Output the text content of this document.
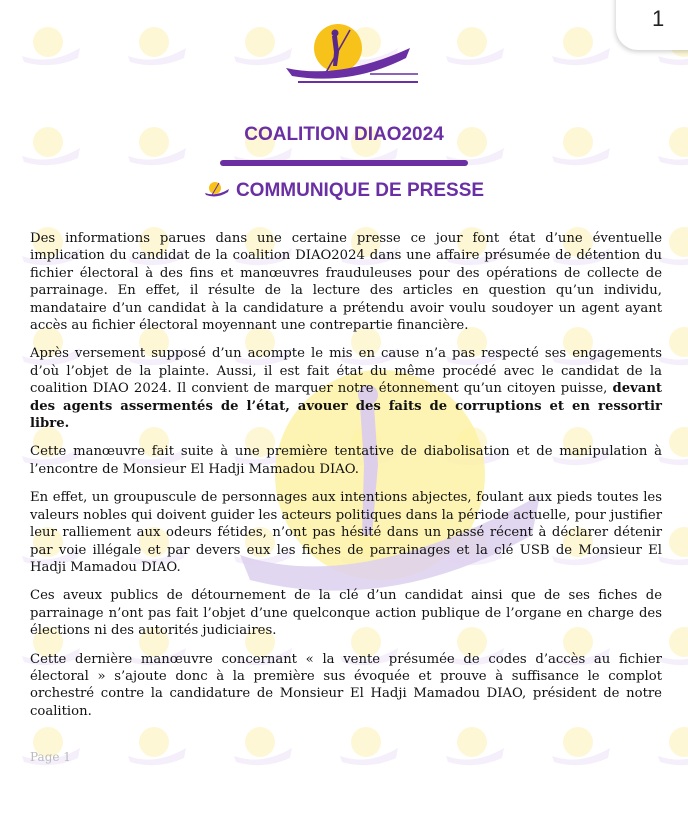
1
COALITION DIAO2024
COMMUNIQUE DE PRESSE

Des informations parues dans une certaine presse ce jour font état d’une éventuelle implication du candidat de la coalition DIAO2024 dans une affaire présumée de détention du fichier électoral à des fins et manœuvres frauduleuses pour des opérations de collecte de parrainage. En effet, il résulte de la lecture des articles en question qu’un individu, mandataire d’un candidat à la candidature a prétendu avoir voulu soudoyer un agent ayant accès au fichier électoral moyennant une contrepartie financière.

Après versement supposé d’un acompte le mis en cause n’a pas respecté ses engagements d’où l’objet de la plainte. Aussi, il est fait état du même procédé avec le candidat de la coalition DIAO 2024. Il convient de marquer notre étonnement qu’un citoyen puisse, devant des agents assermentés de l’état, avouer des faits de corruptions et en ressortir libre.

Cette manœuvre fait suite à une première tentative de diabolisation et de manipulation à l’encontre de Monsieur El Hadji Mamadou DIAO.

En effet, un groupuscule de personnages aux intentions abjectes, foulant aux pieds toutes les valeurs nobles qui doivent guider les acteurs politiques dans la période actuelle, pour justifier leur ralliement aux odeurs fétides, n’ont pas hésité dans un passé récent à déclarer détenir par voie illégale et par devers eux les fiches de parrainages et la clé USB de Monsieur El Hadji Mamadou DIAO.

Ces aveux publics de détournement de la clé d’un candidat ainsi que de ses fiches de parrainage n’ont pas fait l’objet d’une quelconque action publique de l’organe en charge des élections ni des autorités judiciaires.

Cette dernière manœuvre concernant « la vente présumée de codes d’accès au fichier électoral » s’ajoute donc à la première sus évoquée et prouve à suffisance le complot orchestré contre la candidature de Monsieur El Hadji Mamadou DIAO, président de notre coalition.

Page 1
